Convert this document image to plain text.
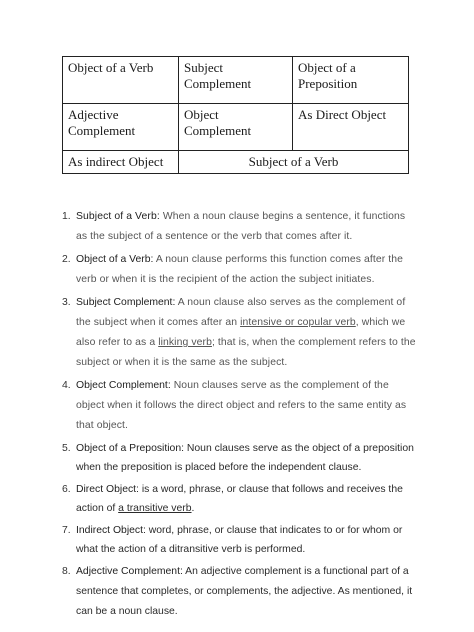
Object of a Verb	Subject Complement	Object of a Preposition
Adjective Complement	Object Complement	As Direct Object
As indirect Object	Subject of a Verb	
1. Subject of a Verb: When a noun clause begins a sentence, it functions as the subject of a sentence or the verb that comes after it.
2. Object of a Verb: A noun clause performs this function comes after the verb or when it is the recipient of the action the subject initiates.
3. Subject Complement: A noun clause also serves as the complement of the subject when it comes after an intensive or copular verb, which we also refer to as a linking verb; that is, when the complement refers to the subject or when it is the same as the subject.
4. Object Complement: Noun clauses serve as the complement of the object when it follows the direct object and refers to the same entity as that object.
5. Object of a Preposition: Noun clauses serve as the object of a preposition when the preposition is placed before the independent clause.
6. Direct Object: is a word, phrase, or clause that follows and receives the action of a transitive verb.
7. Indirect Object: word, phrase, or clause that indicates to or for whom or what the action of a ditransitive verb is performed.
8. Adjective Complement: An adjective complement is a functional part of a sentence that completes, or complements, the adjective. As mentioned, it can be a noun clause.
